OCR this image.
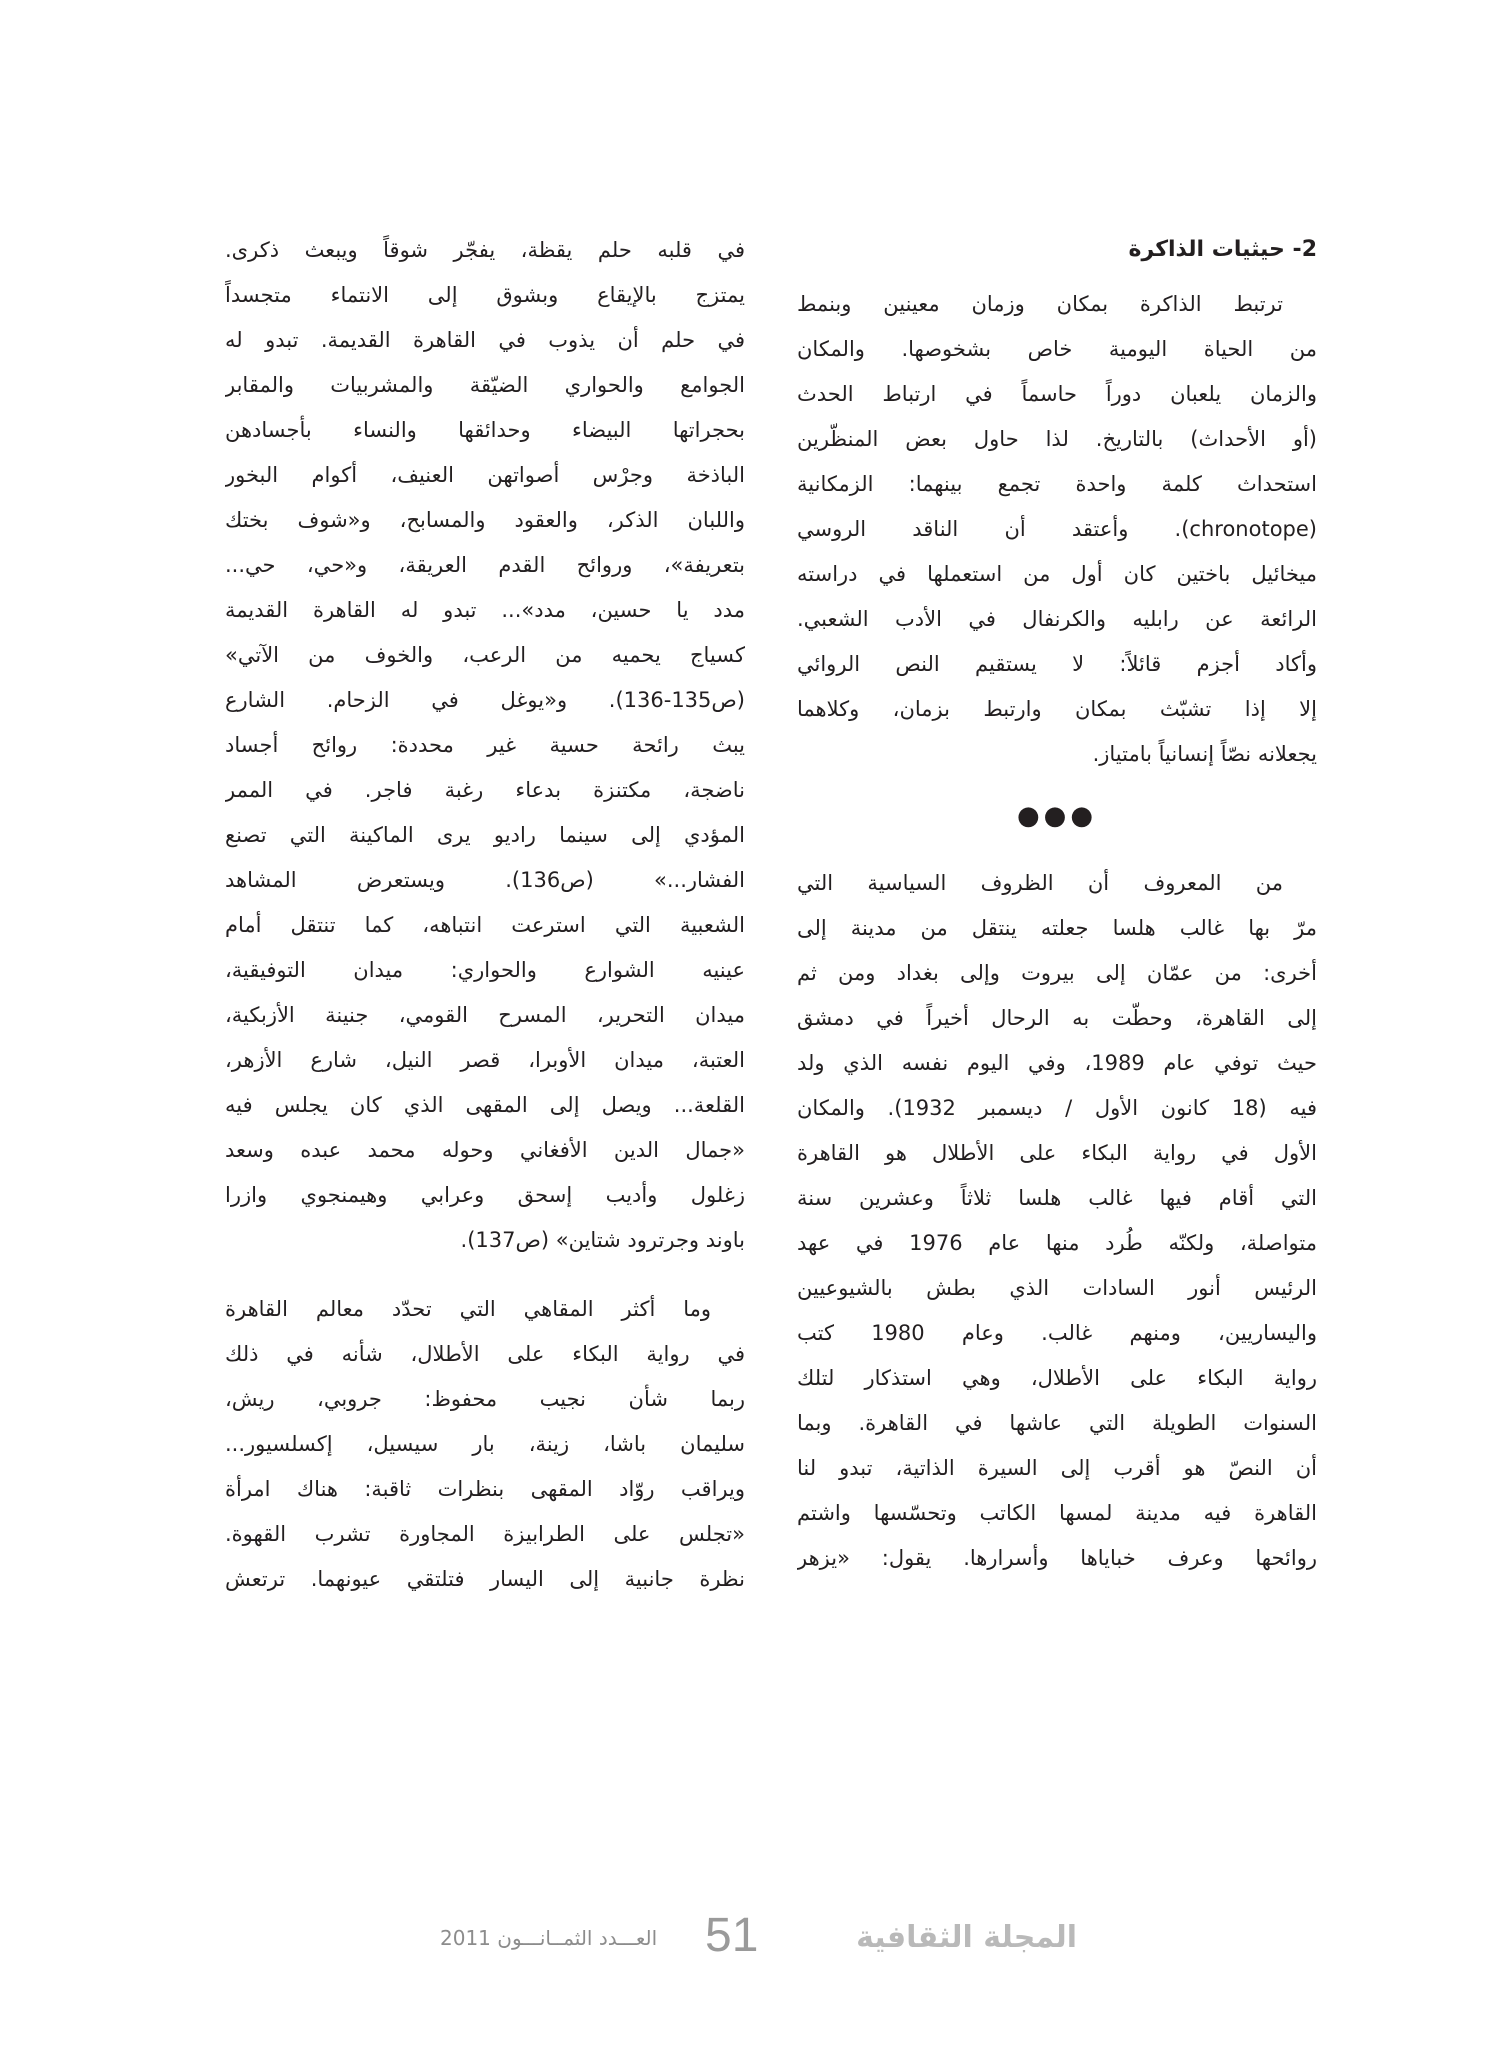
2- حيثيات الذاكرة
ترتبط الذاكرة بمكان وزمان معينين وبنمط
من الحياة اليومية خاص بشخوصها. والمكان
والزمان يلعبان دوراً حاسماً في ارتباط الحدث
(أو الأحداث) بالتاريخ. لذا حاول بعض المنظّرين
استحداث كلمة واحدة تجمع بينهما: الزمكانية
(chronotope). وأعتقد أن الناقد الروسي
ميخائيل باختين كان أول من استعملها في دراسته
الرائعة عن رابليه والكرنفال في الأدب الشعبي.
وأكاد أجزم قائلاً: لا يستقيم النص الروائي
إلا إذا تشبّث بمكان وارتبط بزمان، وكلاهما
يجعلانه نصّاً إنسانياً بامتياز.
●●●
من المعروف أن الظروف السياسية التي
مرّ بها غالب هلسا جعلته ينتقل من مدينة إلى
أخرى: من عمّان إلى بيروت وإلى بغداد ومن ثم
إلى القاهرة، وحطّت به الرحال أخيراً في دمشق
حيث توفي عام 1989، وفي اليوم نفسه الذي ولد
فيه (18 كانون الأول / ديسمبر 1932). والمكان
الأول في رواية البكاء على الأطلال هو القاهرة
التي أقام فيها غالب هلسا ثلاثاً وعشرين سنة
متواصلة، ولكنّه طُرد منها عام 1976 في عهد
الرئيس أنور السادات الذي بطش بالشيوعيين
واليساريين، ومنهم غالب. وعام 1980 كتب
رواية البكاء على الأطلال، وهي استذكار لتلك
السنوات الطويلة التي عاشها في القاهرة. وبما
أن النصّ هو أقرب إلى السيرة الذاتية، تبدو لنا
القاهرة فيه مدينة لمسها الكاتب وتحسّسها واشتم
روائحها وعرف خباياها وأسرارها. يقول: «يزهر
في قلبه حلم يقظة، يفجّر شوقاً ويبعث ذكرى.
يمتزج بالإيقاع وبشوق إلى الانتماء متجسداً
في حلم أن يذوب في القاهرة القديمة. تبدو له
الجوامع والحواري الضيّقة والمشربيات والمقابر
بحجراتها البيضاء وحدائقها والنساء بأجسادهن
الباذخة وجرْس أصواتهن العنيف، أكوام البخور
واللبان الذكر، والعقود والمسابح، و«شوف بختك
بتعريفة»، وروائح القدم العريقة، و«حي، حي...
مدد يا حسين، مدد»... تبدو له القاهرة القديمة
كسياج يحميه من الرعب، والخوف من الآتي»
(ص135-136). و«يوغل في الزحام. الشارع
يبث رائحة حسية غير محددة: روائح أجساد
ناضجة، مكتنزة بدعاء رغبة فاجر. في الممر
المؤدي إلى سينما راديو يرى الماكينة التي تصنع
الفشار...» (ص136). ويستعرض المشاهد
الشعبية التي استرعت انتباهه، كما تنتقل أمام
عينيه الشوارع والحواري: ميدان التوفيقية،
ميدان التحرير، المسرح القومي، جنينة الأزبكية،
العتبة، ميدان الأوبرا، قصر النيل، شارع الأزهر،
القلعة... ويصل إلى المقهى الذي كان يجلس فيه
«جمال الدين الأفغاني وحوله محمد عبده وسعد
زغلول وأديب إسحق وعرابي وهيمنجوي وازرا
باوند وجرترود شتاين» (ص137).
وما أكثر المقاهي التي تحدّد معالم القاهرة
في رواية البكاء على الأطلال، شأنه في ذلك
ربما شأن نجيب محفوظ: جروبي، ريش،
سليمان باشا، زينة، بار سيسيل، إكسلسيور...
ويراقب روّاد المقهى بنظرات ثاقبة: هناك امرأة
«تجلس على الطرابيزة المجاورة تشرب القهوة.
نظرة جانبية إلى اليسار فتلتقي عيونهما. ترتعش
المجلة الثقافية
51
العـــدد الثمــانـــون 2011
